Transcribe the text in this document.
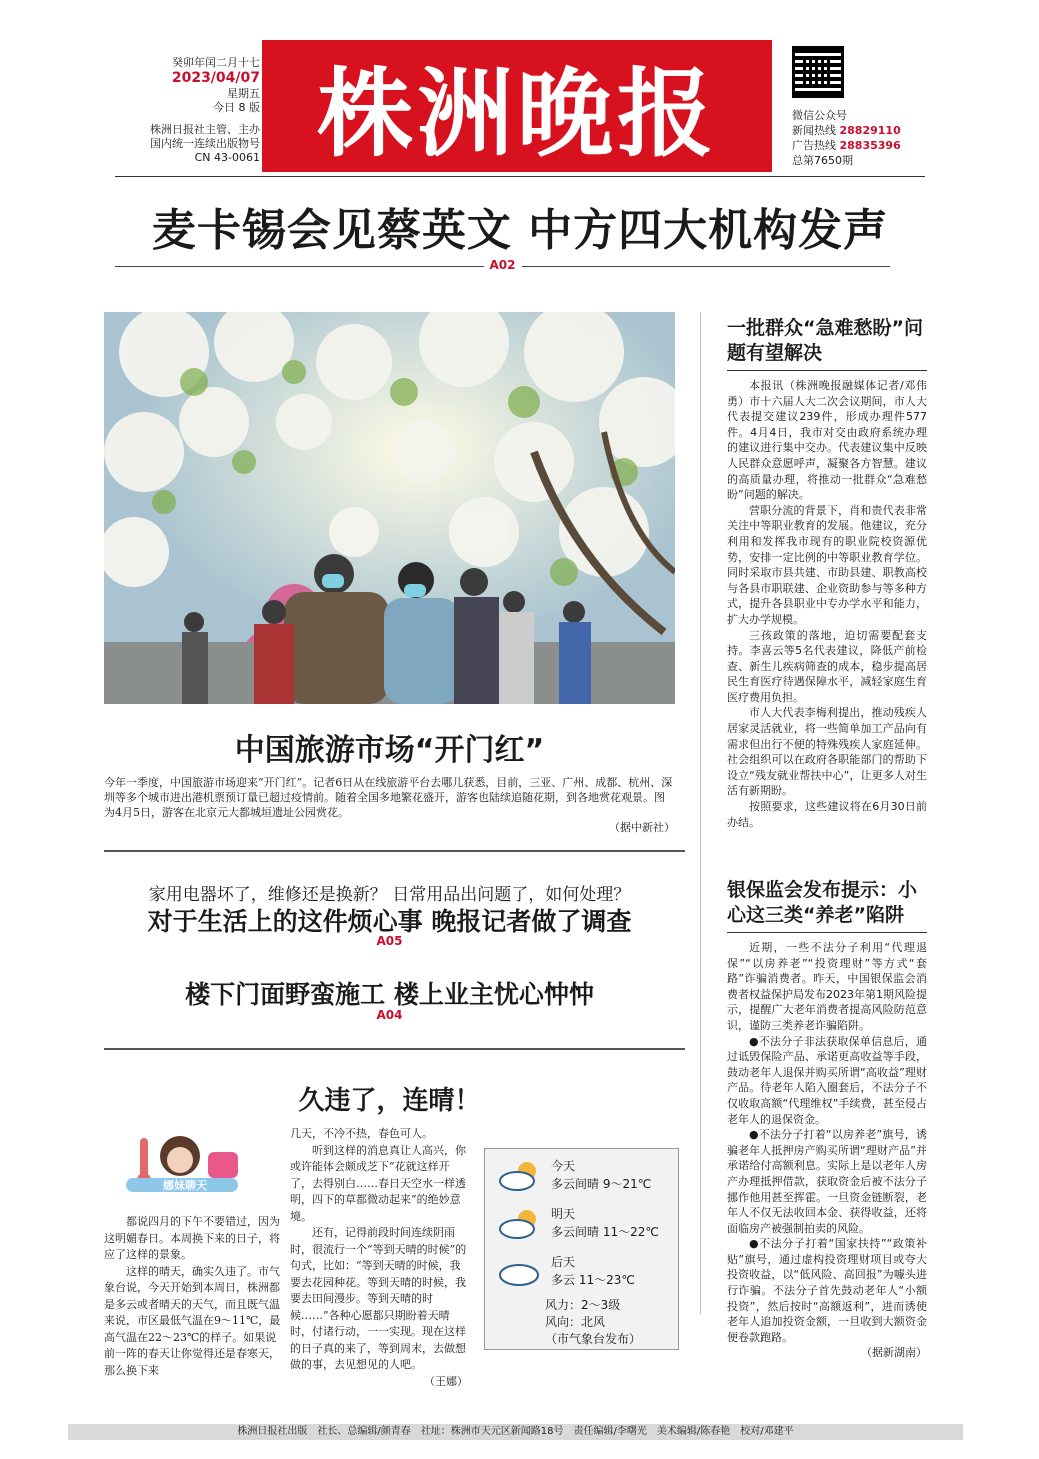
癸卯年闰二月十七
2023/04/07
星期五
今日 8 版
株洲日报社主管、主办
国内统一连续出版物号
CN 43-0061 株洲晚报	微信公众号
新闻热线 28829110
广告热线 28835396
总第7650期
麦卡锡会见蔡英文 中方四大机构发声
A02
中国旅游市场“开门红”

今年一季度，中国旅游市场迎来“开门红”。记者6日从在线旅游平台去哪儿获悉，目前，三亚、广州、成都、杭州、深圳等多个城市进出港机票预订量已超过疫情前。随着全国多地繁花盛开，游客也陆续追随花期，到各地赏花观景。图为4月5日，游客在北京元大都城垣遗址公园赏花。

（据中新社）

家用电器坏了，维修还是换新？ 日常用品出问题了，如何处理？
对于生活上的这件烦心事 晚报记者做了调查
A05
楼下门面野蛮施工 楼上业主忧心忡忡
A04
久违了，连晴！
娜妹聊天

都说四月的下午不要错过，因为这明媚春日。本周换下来的日子，将应了这样的景象。
　　这样的晴天，确实久违了。市气象台说，今天开始到本周日，株洲都是多云或者晴天的天气，而且既气温来说，市区最低气温在9～11℃，最高气温在22～23℃的样子。如果说前一阵的春天让你觉得还是春寒天，那么换下来

几天，不冷不热，春色可人。
　　听到这样的消息真让人高兴，你或许能体会颇成芝下“花就这样开了，去得别白……春日天空水一样透明，四下的草都微动起来”的绝妙意境。
　　还有，记得前段时间连续阴雨时，很流行一个“等到天晴的时候”的句式，比如：“等到天晴的时候，我要去花园种花。等到天晴的时候，我要去田间漫步。等到天晴的时候……”各种心愿都只期盼着天晴时，付诸行动，一一实现。现在这样的日子真的来了，等到周末，去做想做的事，去见想见的人吧。

（王娜）

今天
多云间晴 9～21℃
明天
多云间晴 11～22℃
后天
多云 11～23℃
风力：2～3级
风向：北风
（市气象台发布）
一批群众“急难愁盼”问题有望解决

本报讯（株洲晚报融媒体记者/邓伟勇）市十六届人大二次会议期间，市人大代表提交建议239件，形成办理件577件。4月4日，我市对交由政府系统办理的建议进行集中交办。代表建议集中反映人民群众意愿呼声，凝聚各方智慧。建议的高质量办理，将推动一批群众“急难愁盼”问题的解决。

营职分流的背景下，肖和贵代表非常关注中等职业教育的发展。他建议，充分利用和发挥我市现有的职业院校资源优势，安排一定比例的中等职业教育学位。同时采取市县共建、市助县建、职教高校与各县市职联建、企业资助参与等多种方式，提升各县职业中专办学水平和能力，扩大办学规模。

三孩政策的落地，迫切需要配套支持。李喜云等5名代表建议，降低产前检查、新生儿疾病筛查的成本，稳步提高居民生育医疗待遇保障水平，减轻家庭生育医疗费用负担。

市人大代表李梅利提出，推动残疾人居家灵活就业，将一些简单加工产品向有需求但出行不便的特殊残疾人家庭延伸。社会组织可以在政府各职能部门的帮助下设立“残友就业帮扶中心”，让更多人对生活有新期盼。

按照要求，这些建议将在6月30日前办结。

银保监会发布提示：小心这三类“养老”陷阱

近期，一些不法分子利用“代理退保”“以房养老”“投资理财”等方式“套路”诈骗消费者。昨天，中国银保监会消费者权益保护局发布2023年第1期风险提示，提醒广大老年消费者提高风险防范意识，谨防三类养老诈骗陷阱。

●不法分子非法获取保单信息后，通过诋毁保险产品、承诺更高收益等手段，鼓动老年人退保并购买所谓“高收益”理财产品。待老年人陷入圈套后，不法分子不仅收取高额“代理维权”手续费，甚至侵占老年人的退保资金。

●不法分子打着“以房养老”旗号，诱骗老年人抵押房产购买所谓“理财产品”并承诺给付高额利息。实际上是以老年人房产办理抵押借款，获取资金后被不法分子挪作他用甚至挥霍。一旦资金链断裂，老年人不仅无法收回本金、获得收益，还将面临房产被强制拍卖的风险。

●不法分子打着“国家扶持”“政策补贴”旗号，通过虚构投资理财项目或夸大投资收益，以“低风险、高回报”为噱头进行诈骗。不法分子首先鼓动老年人“小额投资”，然后按时“高额返利”，进而诱使老年人追加投资金额，一旦收到大额资金便卷款跑路。

（据新湖南）

株洲日报社出版　社长、总编辑/颜青春　社址：株洲市天元区新闻路18号　责任编辑/李曙光　美术编辑/陈春艳　校对/邓建平
